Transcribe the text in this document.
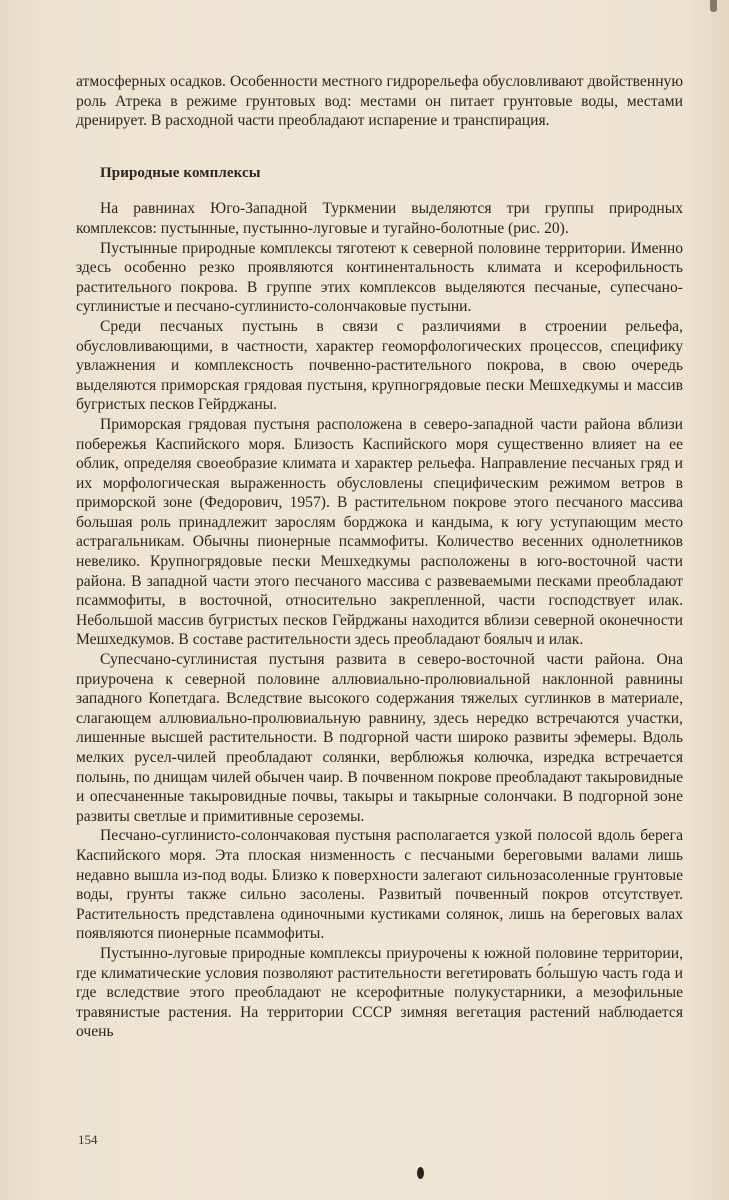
атмосферных осадков. Особенности местного гидрорельефа обусловливают двойственную роль Атрека в режиме грунтовых вод: местами он питает грунтовые воды, местами дренирует. В расходной части преобладают испарение и транспирация.

Природные комплексы

На равнинах Юго-Западной Туркмении выделяются три группы природных комплексов: пустынные, пустынно-луговые и тугайно-болотные (рис. 20).

Пустынные природные комплексы тяготеют к северной половине территории. Именно здесь особенно резко проявляются континентальность климата и ксерофильность растительного покрова. В группе этих комплексов выделяются песчаные, супесчано-суглинистые и песчано-суглинисто-солончаковые пустыни.

Среди песчаных пустынь в связи с различиями в строении рельефа, обусловливающими, в частности, характер геоморфологических процессов, специфику увлажнения и комплексность почвенно-растительного покрова, в свою очередь выделяются приморская грядовая пустыня, крупногрядовые пески Мешхедкумы и массив бугристых песков Гейрджаны.

Приморская грядовая пустыня расположена в северо-западной части района вблизи побережья Каспийского моря. Близость Каспийского моря существенно влияет на ее облик, определяя своеобразие климата и характер рельефа. Направление песчаных гряд и их морфологическая выраженность обусловлены специфическим режимом ветров в приморской зоне (Федорович, 1957). В растительном покрове этого песчаного массива большая роль принадлежит зарослям борджока и кандыма, к югу уступающим место астрагальникам. Обычны пионерные псаммофиты. Количество весенних однолетников невелико. Крупногрядовые пески Мешхедкумы расположены в юго-восточной части района. В западной части этого песчаного массива с развеваемыми песками преобладают псаммофиты, в восточной, относительно закрепленной, части господствует илак. Небольшой массив бугристых песков Гейрджаны находится вблизи северной оконечности Мешхедкумов. В составе растительности здесь преобладают боялыч и илак.

Супесчано-суглинистая пустыня развита в северо-восточной части района. Она приурочена к северной половине аллювиально-пролювиальной наклонной равнины западного Копетдага. Вследствие высокого содержания тяжелых суглинков в материале, слагающем аллювиально-пролювиальную равнину, здесь нередко встречаются участки, лишенные высшей растительности. В подгорной части широко развиты эфемеры. Вдоль мелких русел-чилей преобладают солянки, верблюжья колючка, изредка встречается полынь, по днищам чилей обычен чаир. В почвенном покрове преобладают такыровидные и опесчаненные такыровидные почвы, такыры и такырные солончаки. В подгорной зоне развиты светлые и примитивные сероземы.

Песчано-суглинисто-солончаковая пустыня располагается узкой полосой вдоль берега Каспийского моря. Эта плоская низменность с песчаными береговыми валами лишь недавно вышла из-под воды. Близко к поверхности залегают сильнозасоленные грунтовые воды, грунты также сильно засолены. Развитый почвенный покров отсутствует. Растительность представлена одиночными кустиками солянок, лишь на береговых валах появляются пионерные псаммофиты.

Пустынно-луговые природные комплексы приурочены к южной половине территории, где климатические условия позволяют растительности вегетировать бо́льшую часть года и где вследствие этого преобладают не ксерофитные полукустарники, а мезофильные травянистые растения. На территории СССР зимняя вегетация растений наблюдается очень

154
